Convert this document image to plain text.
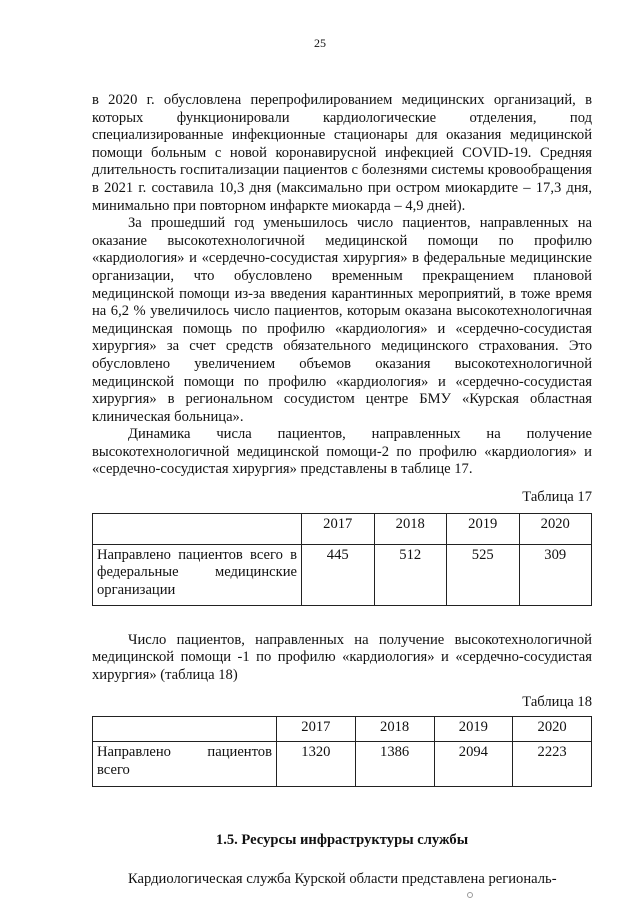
25

в 2020 г. обусловлена перепрофилированием медицинских организаций, в которых функционировали кардиологические отделения, под специализированные инфекционные стационары для оказания медицинской помощи больным с новой коронавирусной инфекцией COVID-19. Средняя длительность госпитализации пациентов с болезнями системы кровообращения в 2021 г. составила 10,3 дня (максимально при остром миокардите – 17,3 дня, минимально при повторном инфаркте миокарда – 4,9 дней).

За прошедший год уменьшилось число пациентов, направленных на оказание высокотехнологичной медицинской помощи по профилю «кардиология» и «сердечно-сосудистая хирургия» в федеральные медицинские организации, что обусловлено временным прекращением плановой медицинской помощи из-за введения карантинных мероприятий, в тоже время на 6,2 % увеличилось число пациентов, которым оказана высокотехнологичная медицинская помощь по профилю «кардиология» и «сердечно-сосудистая хирургия» за счет средств обязательного медицинского страхования. Это обусловлено увеличением объемов оказания высокотехнологичной медицинской помощи по профилю «кардиология» и «сердечно-сосудистая хирургия» в региональном сосудистом центре БМУ «Курская областная клиническая больница».

Динамика числа пациентов, направленных на получение высокотехнологичной медицинской помощи-2 по профилю «кардиология» и «сердечно-сосудистая хирургия» представлены в таблице 17.

Таблица 17

	2017	2018	2019	2020
Направлено пациентов всего в федеральные медицинские организации	445	512	525	309

Число пациентов, направленных на получение высокотехнологичной медицинской помощи -1 по профилю «кардиология» и «сердечно-сосудистая хирургия» (таблица 18)

Таблица 18

	2017	2018	2019	2020

Направлено пациентов
всего	1320	1386	2094	2223
1.5. Ресурсы инфраструктуры службы

Кардиологическая служба Курской области представлена региональ-
